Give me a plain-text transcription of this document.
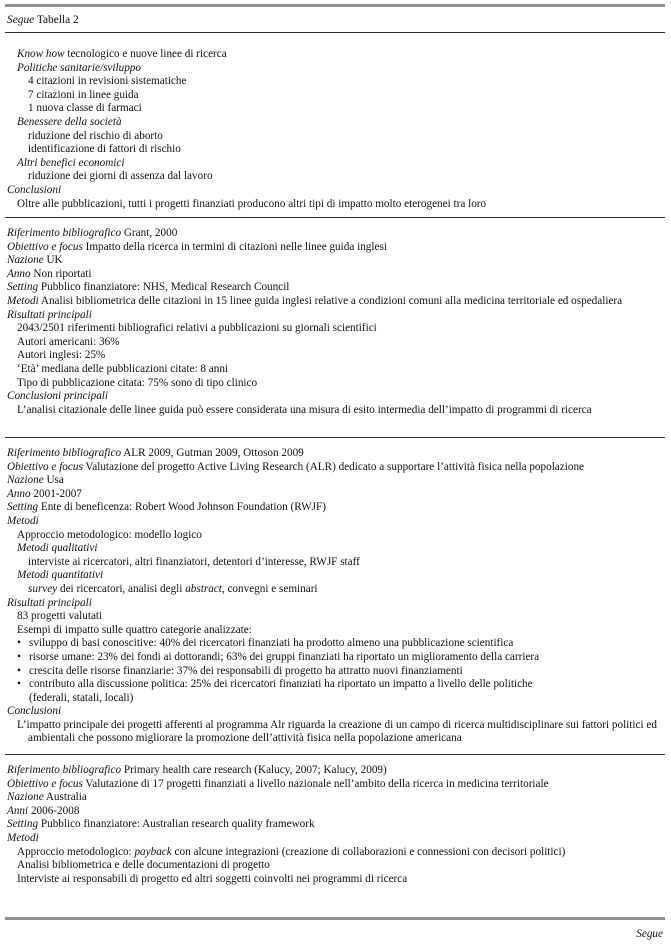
Segue Tabella 2
Know how tecnologico e nuove linee di ricerca
Politiche sanitarie/sviluppo
4 citazioni in revisioni sistematiche
7 citazioni in linee guida
1 nuova classe di farmaci
Benessere della società
riduzione del rischio di aborto
identificazione di fattori di rischio
Altri benefici economici
riduzione dei giorni di assenza dal lavoro
Conclusioni
Oltre alle pubblicazioni, tutti i progetti finanziati producono altri tipi di impatto molto eterogenei tra loro
Riferimento bibliografico Grant, 2000
Obiettivo e focus Impatto della ricerca in termini di citazioni nelle linee guida inglesi
Nazione UK
Anno Non riportati
Setting Pubblico finanziatore: NHS, Medical Research Council
Metodi Analisi bibliometrica delle citazioni in 15 linee guida inglesi relative a condizioni comuni alla medicina territoriale ed ospedaliera
Risultati principali
2043/2501 riferimenti bibliografici relativi a pubblicazioni su giornali scientifici
Autori americani: 36%
Autori inglesi: 25%
‘Età’ mediana delle pubblicazioni citate: 8 anni
Tipo di pubblicazione citata: 75% sono di tipo clinico
Conclusioni principali
L’analisi citazionale delle linee guida può essere considerata una misura di esito intermedia dell’impatto di programmi di ricerca
Riferimento bibliografico ALR 2009, Gutman 2009, Ottoson 2009
Obiettivo e focus Valutazione del progetto Active Living Research (ALR) dedicato a supportare l’attività fisica nella popolazione
Nazione Usa
Anno 2001-2007
Setting Ente di beneficenza: Robert Wood Johnson Foundation (RWJF)
Metodi
Approccio metodologico: modello logico
Metodi qualitativi
interviste ai ricercatori, altri finanziatori, detentori d’interesse, RWJF staff
Metodi quantitativi
survey dei ricercatori, analisi degli abstract, convegni e seminari
Risultati principali
83 progetti valutati
Esempi di impatto sulle quattro categorie analizzate:
• sviluppo di basi conoscitive: 40% dei ricercatori finanziati ha prodotto almeno una pubblicazione scientifica
• risorse umane: 23% dei fondi ai dottorandi; 63% dei gruppi finanziati ha riportato un miglioramento della carriera
• crescita delle risorse finanziarie: 37% dei responsabili di progetto ha attratto nuovi finanziamenti
• contributo alla discussione politica: 25% dei ricercatori finanziati ha riportato un impatto a livello delle politiche
(federali, statali, locali)
Conclusioni
L’impatto principale dei progetti afferenti al programma Alr riguarda la creazione di un campo di ricerca multidisciplinare sui fattori politici ed ambientali che possono migliorare la promozione dell’attività fisica nella popolazione americana
Riferimento bibliografico Primary health care research (Kalucy, 2007; Kalucy, 2009)
Obiettivo e focus Valutazione di 17 progetti finanziati a livello nazionale nell’ambito della ricerca in medicina territoriale
Nazione Australia
Anni 2006-2008
Setting Pubblico finanziatore: Australian research quality framework
Metodi
Approccio metodologico: payback con alcune integrazioni (creazione di collaborazioni e connessioni con decisori politici)
Analisi bibliometrica e delle documentazioni di progetto
Interviste ai responsabili di progetto ed altri soggetti coinvolti nei programmi di ricerca
Segue
